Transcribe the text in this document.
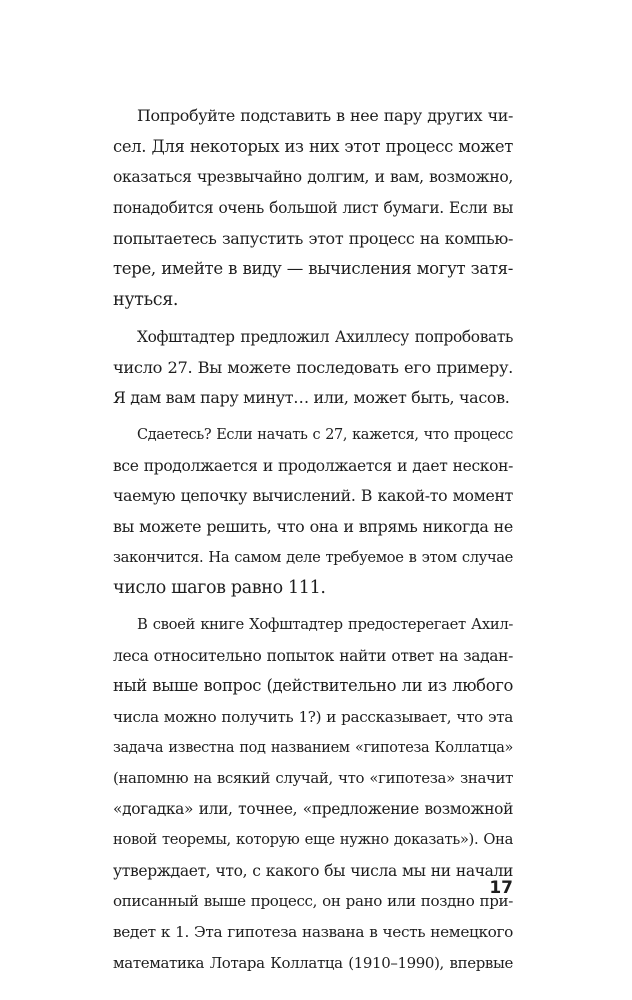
Попробуйте подставить в нее пару других чи-
сел. Для некоторых из них этот процесс может
оказаться чрезвычайно долгим, и вам, возможно,
понадобится очень большой лист бумаги. Если вы
попытаетесь запустить этот процесс на компью-
тере, имейте в виду — вычисления могут затя-
нуться.
Хофштадтер предложил Ахиллесу попробовать
число 27. Вы можете последовать его примеру.
Я дам вам пару минут… или, может быть, часов.
Сдаетесь? Если начать с 27, кажется, что процесс
все продолжается и продолжается и дает нескон-
чаемую цепочку вычислений. В какой-то момент
вы можете решить, что она и впрямь никогда не
закончится. На самом деле требуемое в этом случае
число шагов равно 111.
В своей книге Хофштадтер предостерегает Ахил-
леса относительно попыток найти ответ на задан-
ный выше вопрос (действительно ли из любого
числа можно получить 1?) и рассказывает, что эта
задача известна под названием «гипотеза Коллатца»
(напомню на всякий случай, что «гипотеза» значит
«догадка» или, точнее, «предложение возможной
новой теоремы, которую еще нужно доказать»). Она
утверждает, что, с какого бы числа мы ни начали
описанный выше процесс, он рано или поздно при-
ведет к 1. Эта гипотеза названа в честь немецкого
математика Лотара Коллатца (1910–1990), впервые
17
